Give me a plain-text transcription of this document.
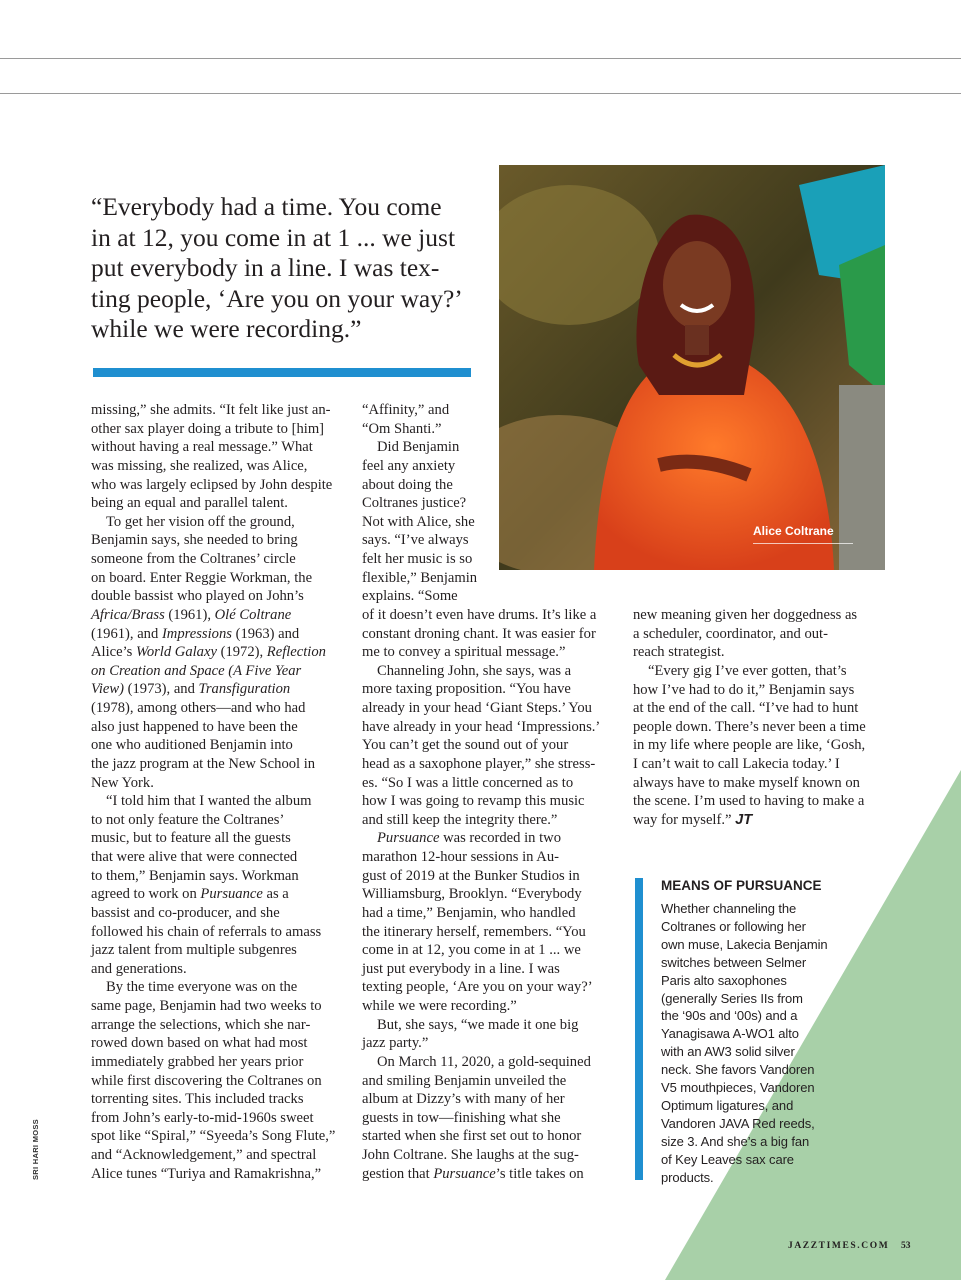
“Everybody had a time. You come
in at 12, you come in at 1 ... we just
put everybody in a line. I was tex-
ting people, ‘Are you on your way?’
while we were recording.”
Alice Coltrane
missing,” she admits. “It felt like just an-
other sax player doing a tribute to [him]
without having a real message.” What
was missing, she realized, was Alice,
who was largely eclipsed by John despite
being an equal and parallel talent.
To get her vision off the ground,
Benjamin says, she needed to bring
someone from the Coltranes’ circle
on board. Enter Reggie Workman, the
double bassist who played on John’s
Africa/Brass (1961), Olé Coltrane
(1961), and Impressions (1963) and
Alice’s World Galaxy (1972), Reflection
on Creation and Space (A Five Year
View) (1973), and Transfiguration
(1978), among others—and who had
also just happened to have been the
one who auditioned Benjamin into
the jazz program at the New School in
New York.
“I told him that I wanted the album
to not only feature the Coltranes’
music, but to feature all the guests
that were alive that were connected
to them,” Benjamin says. Workman
agreed to work on Pursuance as a
bassist and co-producer, and she
followed his chain of referrals to amass
jazz talent from multiple subgenres
and generations.
By the time everyone was on the
same page, Benjamin had two weeks to
arrange the selections, which she nar-
rowed down based on what had most
immediately grabbed her years prior
while first discovering the Coltranes on
torrenting sites. This included tracks
from John’s early-to-mid-1960s sweet
spot like “Spiral,” “Syeeda’s Song Flute,”
and “Acknowledgement,” and spectral
Alice tunes “Turiya and Ramakrishna,”
“Affinity,” and
“Om Shanti.”
Did Benjamin
feel any anxiety
about doing the
Coltranes justice?
Not with Alice, she
says. “I’ve always
felt her music is so
flexible,” Benjamin
explains. “Some
of it doesn’t even have drums. It’s like a
constant droning chant. It was easier for
me to convey a spiritual message.”
Channeling John, she says, was a
more taxing proposition. “You have
already in your head ‘Giant Steps.’ You
have already in your head ‘Impressions.’
You can’t get the sound out of your
head as a saxophone player,” she stress-
es. “So I was a little concerned as to
how I was going to revamp this music
and still keep the integrity there.”
Pursuance was recorded in two
marathon 12-hour sessions in Au-
gust of 2019 at the Bunker Studios in
Williamsburg, Brooklyn. “Everybody
had a time,” Benjamin, who handled
the itinerary herself, remembers. “You
come in at 12, you come in at 1 ... we
just put everybody in a line. I was
texting people, ‘Are you on your way?’
while we were recording.”
But, she says, “we made it one big
jazz party.”
On March 11, 2020, a gold-sequined
and smiling Benjamin unveiled the
album at Dizzy’s with many of her
guests in tow—finishing what she
started when she first set out to honor
John Coltrane. She laughs at the sug-
gestion that Pursuance’s title takes on
new meaning given her doggedness as
a scheduler, coordinator, and out-
reach strategist.
“Every gig I’ve ever gotten, that’s
how I’ve had to do it,” Benjamin says
at the end of the call. “I’ve had to hunt
people down. There’s never been a time
in my life where people are like, ‘Gosh,
I can’t wait to call Lakecia today.’ I
always have to make myself known on
the scene. I’m used to having to make a
way for myself.” JT
MEANS OF PURSUANCE
Whether channeling the
Coltranes or following her
own muse, Lakecia Benjamin
switches between Selmer
Paris alto saxophones
(generally Series IIs from
the ‘90s and ‘00s) and a
Yanagisawa A-WO1 alto
with an AW3 solid silver
neck. She favors Vandoren
V5 mouthpieces, Vandoren
Optimum ligatures, and
Vandoren JAVA Red reeds,
size 3. And she’s a big fan
of Key Leaves sax care
products.
SRI HARI MOSS
JAZZTIMES.COM 53
